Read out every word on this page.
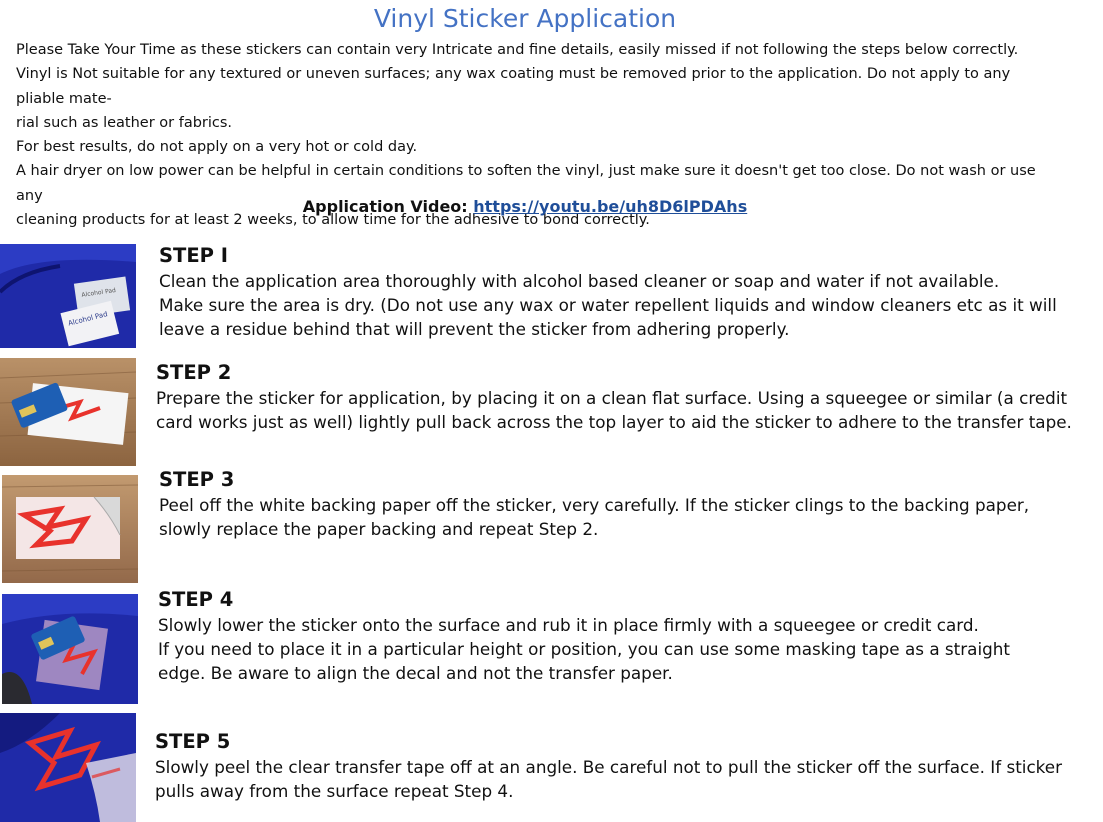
Vinyl Sticker Application

Please Take Your Time as these stickers can contain very Intricate and fine details, easily missed if not following the steps below correctly.

Vinyl is Not suitable for any textured or uneven surfaces; any wax coating must be removed prior to the application. Do not apply to any pliable mate-

rial such as leather or fabrics.

For best results, do not apply on a very hot or cold day.

A hair dryer on low power can be helpful in certain conditions to soften the vinyl, just make sure it doesn't get too close. Do not wash or use any

cleaning products for at least 2 weeks, to allow time for the adhesive to bond correctly.

Application Video: https://youtu.be/uh8D6lPDAhs
Alcohol Pad
Alcohol Pad
STEP I

Clean the application area thoroughly with alcohol based cleaner or soap and water if not available.

Make sure the area is dry. (Do not use any wax or water repellent liquids and window cleaners etc as it will

leave a residue behind that will prevent the sticker from adhering properly.

STEP 2

Prepare the sticker for application, by placing it on a clean flat surface. Using a squeegee or similar (a credit

card works just as well) lightly pull back across the top layer to aid the sticker to adhere to the transfer tape.

STEP 3

Peel off the white backing paper off the sticker, very carefully. If the sticker clings to the backing paper,

slowly replace the paper backing and repeat Step 2.

STEP 4

Slowly lower the sticker onto the surface and rub it in place firmly with a squeegee or credit card.

If you need to place it in a particular height or position, you can use some masking tape as a straight

edge. Be aware to align the decal and not the transfer paper.

STEP 5

Slowly peel the clear transfer tape off at an angle. Be careful not to pull the sticker off the surface. If sticker

pulls away from the surface repeat Step 4.
